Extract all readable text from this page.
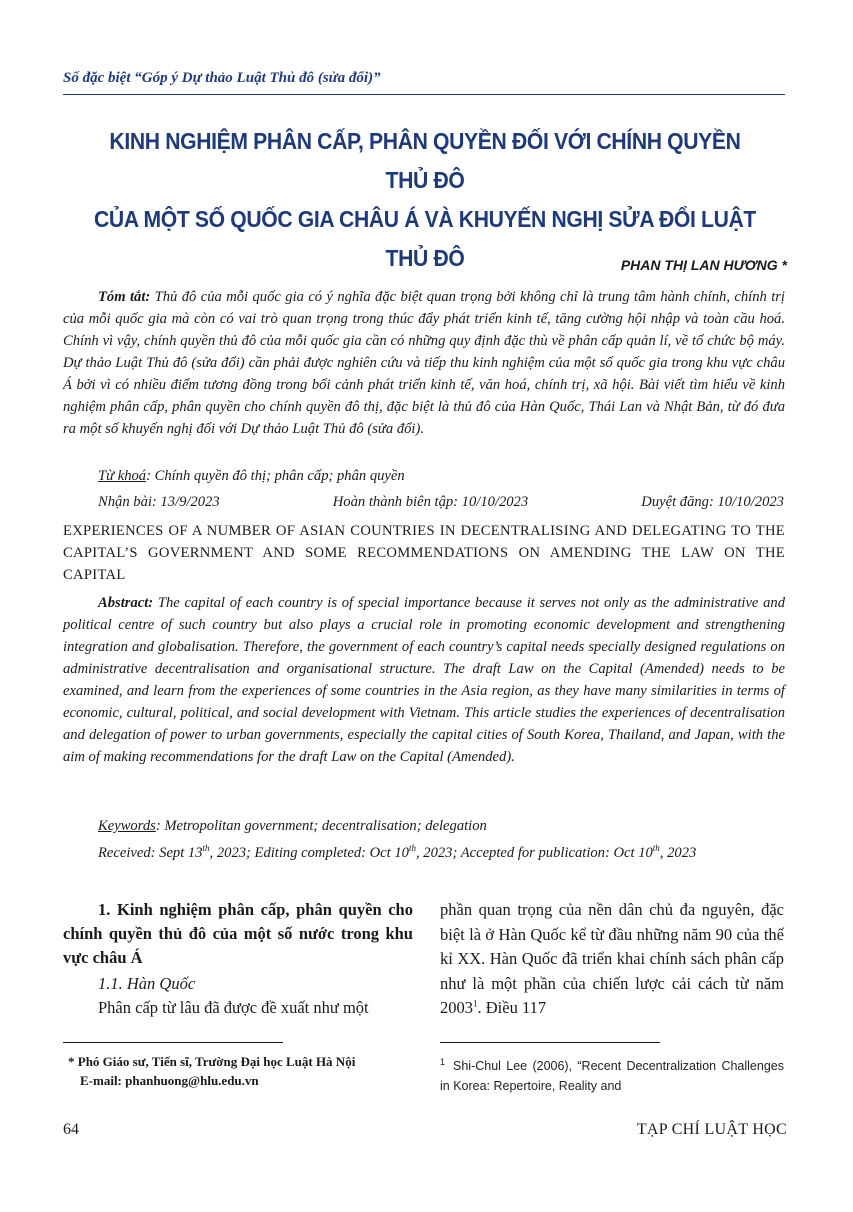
Số đặc biệt “Góp ý Dự thảo Luật Thủ đô (sửa đổi)”
KINH NGHIỆM PHÂN CẤP, PHÂN QUYỀN ĐỐI VỚI CHÍNH QUYỀN THỦ ĐÔ
CỦA MỘT SỐ QUỐC GIA CHÂU Á VÀ KHUYẾN NGHỊ SỬA ĐỔI LUẬT THỦ ĐÔ	PHAN THỊ LAN HƯƠNG *
Tóm tắt: Thủ đô của mỗi quốc gia có ý nghĩa đặc biệt quan trọng bởi không chỉ là trung tâm hành chính, chính trị của mỗi quốc gia mà còn có vai trò quan trọng trong thúc đẩy phát triển kinh tế, tăng cường hội nhập và toàn cầu hoá. Chính vì vậy, chính quyền thủ đô của mỗi quốc gia cần có những quy định đặc thù về phân cấp quản lí, về tổ chức bộ máy. Dự thảo Luật Thủ đô (sửa đổi) cần phải được nghiên cứu và tiếp thu kinh nghiệm của một số quốc gia trong khu vực châu Á bởi vì có nhiều điểm tương đồng trong bối cảnh phát triển kinh tế, văn hoá, chính trị, xã hội. Bài viết tìm hiểu về kinh nghiệm phân cấp, phân quyền cho chính quyền đô thị, đặc biệt là thủ đô của Hàn Quốc, Thái Lan và Nhật Bản, từ đó đưa ra một số khuyến nghị đối với Dự thảo Luật Thủ đô (sửa đổi).
Từ khoá: Chính quyền đô thị; phân cấp; phân quyền
Nhận bài: 13/9/2023	Hoàn thành biên tập: 10/10/2023	Duyệt đăng: 10/10/2023
EXPERIENCES OF A NUMBER OF ASIAN COUNTRIES IN DECENTRALISING AND DELEGATING TO THE CAPITAL’S GOVERNMENT AND SOME RECOMMENDATIONS ON AMENDING THE LAW ON THE CAPITAL
Abstract: The capital of each country is of special importance because it serves not only as the administrative and political centre of such country but also plays a crucial role in promoting economic development and strengthening integration and globalisation. Therefore, the government of each country’s capital needs specially designed regulations on administrative decentralisation and organisational structure. The draft Law on the Capital (Amended) needs to be examined, and learn from the experiences of some countries in the Asia region, as they have many similarities in terms of economic, cultural, political, and social development with Vietnam. This article studies the experiences of decentralisation and delegation of power to urban governments, especially the capital cities of South Korea, Thailand, and Japan, with the aim of making recommendations for the draft Law on the Capital (Amended).
Keywords: Metropolitan government; decentralisation; delegation
Received: Sept 13th, 2023; Editing completed: Oct 10th, 2023; Accepted for publication: Oct 10th, 2023
1. Kinh nghiệm phân cấp, phân quyền cho chính quyền thủ đô của một số nước trong khu vực châu Á
1.1. Hàn Quốc
Phân cấp từ lâu đã được đề xuất như một
phần quan trọng của nền dân chủ đa nguyên, đặc biệt là ở Hàn Quốc kể từ đầu những năm 90 của thế kỉ XX. Hàn Quốc đã triển khai chính sách phân cấp như là một phần của chiến lược cải cách từ năm 2003$^1$. Điều 117
* Phó Giáo sư, Tiến sĩ, Trường Đại học Luật Hà Nội
E-mail: phanhuong@hlu.edu.vn
$^1$ Shi-Chul Lee (2006), “Recent Decentralization Challenges in Korea: Repertoire, Reality and
64	TẠP CHÍ LUẬT HỌC
